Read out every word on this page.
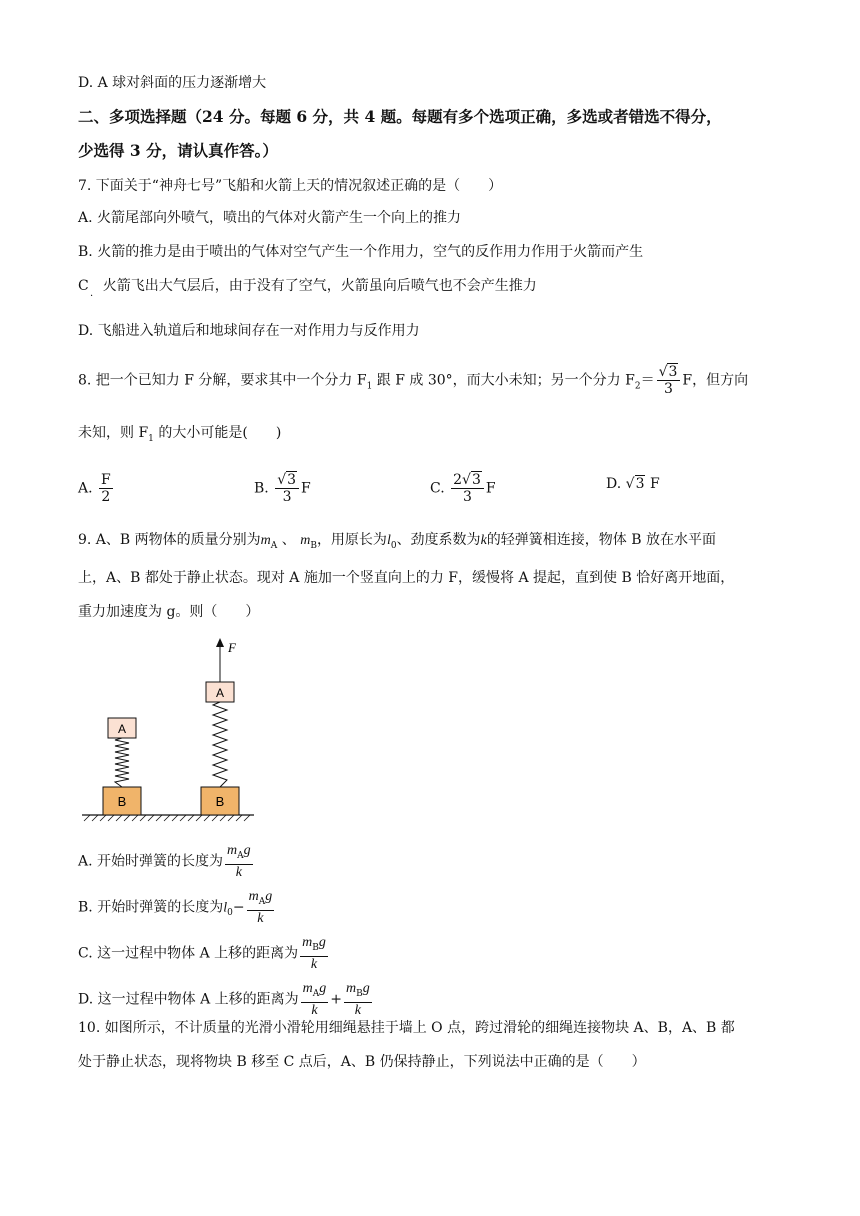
D. A 球对斜面的压力逐渐增大
二、多项选择题（24 分。每题 6 分，共 4 题。每题有多个选项正确，多选或者错选不得分，
少选得 3 分，请认真作答。）
7. 下面关于“神舟七号”飞船和火箭上天的情况叙述正确的是（　　）
A. 火箭尾部向外喷气，喷出的气体对火箭产生一个向上的推力
B. 火箭的推力是由于喷出的气体对空气产生一个作用力，空气的反作用力作用于火箭而产生
C　火箭飞出大气层后，由于没有了空气，火箭虽向后喷气也不会产生推力
·
D. 飞船进入轨道后和地球间存在一对作用力与反作用力
8. 把一个已知力 F 分解，要求其中一个分力 $F_1$ 跟 F 成 30°，而大小未知；另一个分力 $F_2= \frac{√3}{3}$ F，但方向
未知，则 $F_1$ 的大小可能是(　　)
A. $\frac{F}{2}$	B. $\frac{√3}{3}$ F	C. $\frac{2√3}{3}$ F	D. √3 F
9. A、B 两物体的质量分别为$m_A$ 、 $m_B$，用原长为$l_0$、劲度系数为k的轻弹簧相连接，物体 B 放在水平面
上，A、B 都处于静止状态。现对 A 施加一个竖直向上的力 F，缓慢将 A 提起，直到使 B 恰好离开地面，
重力加速度为 g。则（　　）
B
A
B
A
F
A. 开始时弹簧的长度为 $\frac{m_Ag}{k}$
B. 开始时弹簧的长度为$l_0- \frac{m_Ag}{k}$
C. 这一过程中物体 A 上移的距离为 $\frac{m_Bg}{k}$
D. 这一过程中物体 A 上移的距离为 $\frac{m_Ag}{k} + \frac{m_Bg}{k}$
10. 如图所示，不计质量的光滑小滑轮用细绳悬挂于墙上 O 点，跨过滑轮的细绳连接物块 A、B，A、B 都
处于静止状态，现将物块 B 移至 C 点后，A、B 仍保持静止，下列说法中正确的是（　　）
